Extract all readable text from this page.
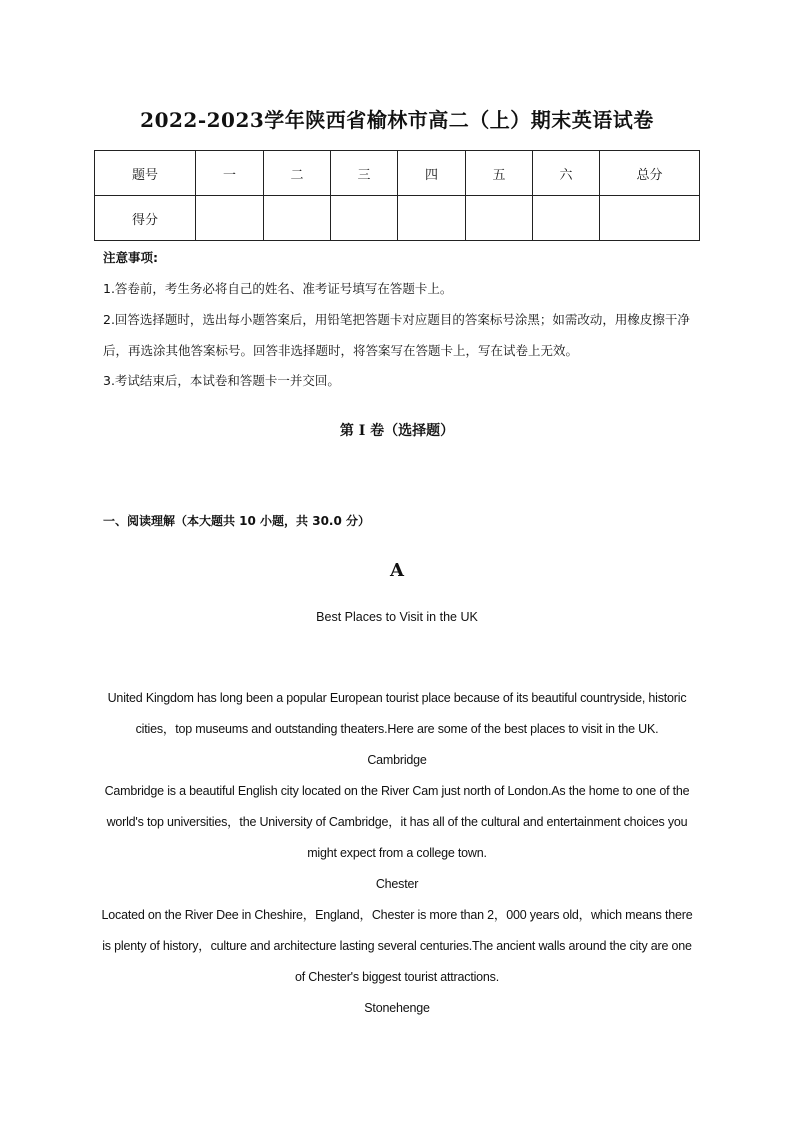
2022-2023学年陕西省榆林市高二（上）期末英语试卷
题号	一	二	三	四	五	六	总分
得分							
注意事项:

1.答卷前，考生务必将自己的姓名、准考证号填写在答题卡上。

2.回答选择题时，选出每小题答案后，用铅笔把答题卡对应题目的答案标号涂黑；如需改动，用橡皮擦干净后，再选涂其他答案标号。回答非选择题时，将答案写在答题卡上，写在试卷上无效。

3.考试结束后，本试卷和答题卡一并交回。

第 I 卷（选择题）
一、阅读理解（本大题共 10 小题，共 30.0 分）
A
Best Places to Visit in the UK

United Kingdom has long been a popular European tourist place because of its beautiful countryside, historic cities，top museums and outstanding theaters.Here are some of the best places to visit in the UK.

Cambridge

Cambridge is a beautiful English city located on the River Cam just north of London.As the home to one of the world's top universities，the University of Cambridge，it has all of the cultural and entertainment choices you might expect from a college town.

Chester

Located on the River Dee in Cheshire，England，Chester is more than 2，000 years old，which means there is plenty of history，culture and architecture lasting several centuries.The ancient walls around the city are one of Chester's biggest tourist attractions.

Stonehenge
